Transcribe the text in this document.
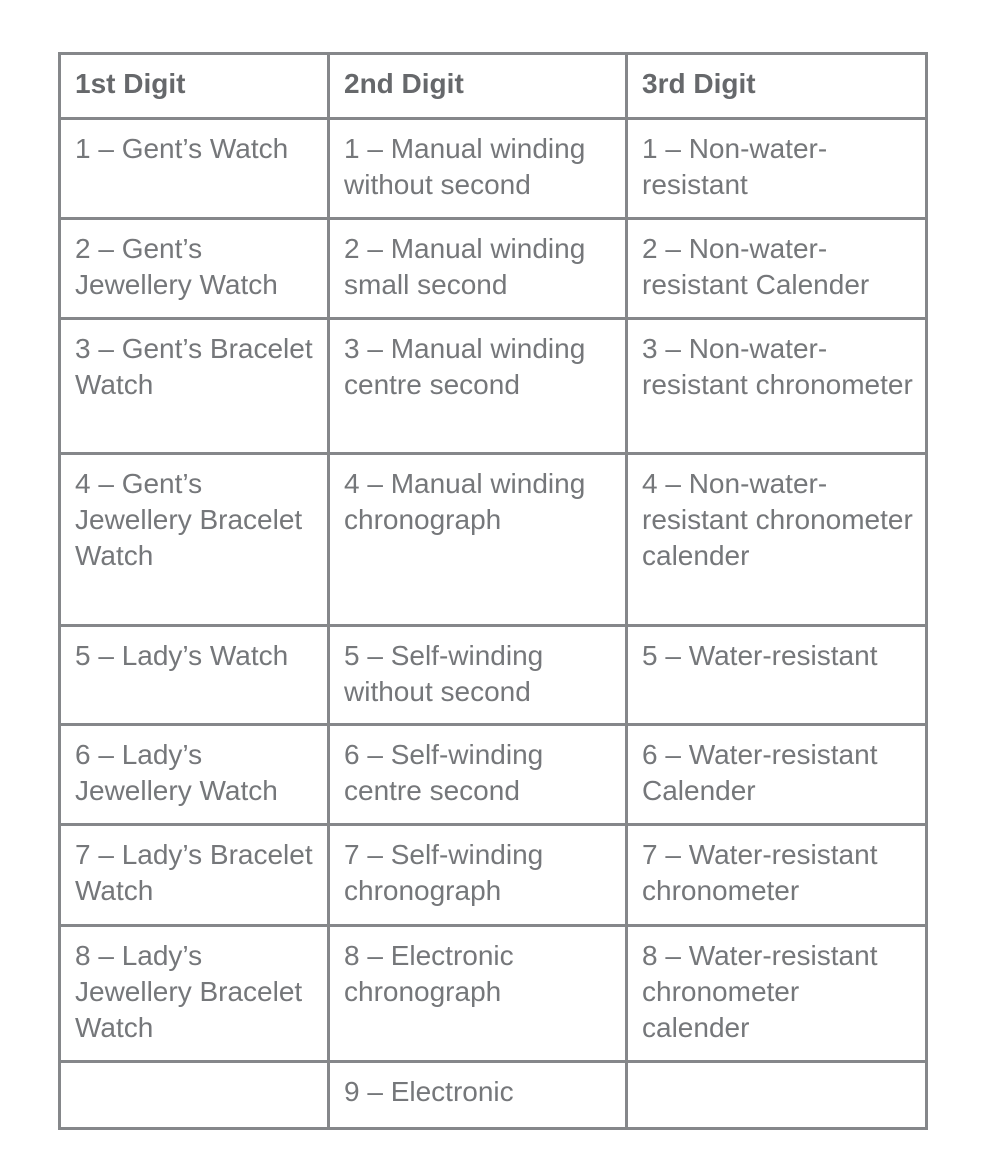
1st Digit	2nd Digit	3rd Digit
1 – Gent’s Watch	1 – Manual winding without second	1 – Non-water-resistant
2 – Gent’s Jewellery Watch	2 – Manual winding small second	2 – Non-water-resistant Calender
3 – Gent’s Bracelet Watch	3 – Manual winding centre second	3 – Non-water-resistant chronometer
4 – Gent’s Jewellery Bracelet Watch	4 – Manual winding chronograph	4 – Non-water-resistant chronometer calender
5 – Lady’s Watch	5 – Self-winding without second	5 – Water-resistant
6 – Lady’s Jewellery Watch	6 – Self-winding centre second	6 – Water-resistant Calender
7 – Lady’s Bracelet Watch	7 – Self-winding chronograph	7 – Water-resistant chronometer
8 – Lady’s Jewellery Bracelet Watch	8 – Electronic chronograph	8 – Water-resistant chronometer calender
	9 – Electronic	
